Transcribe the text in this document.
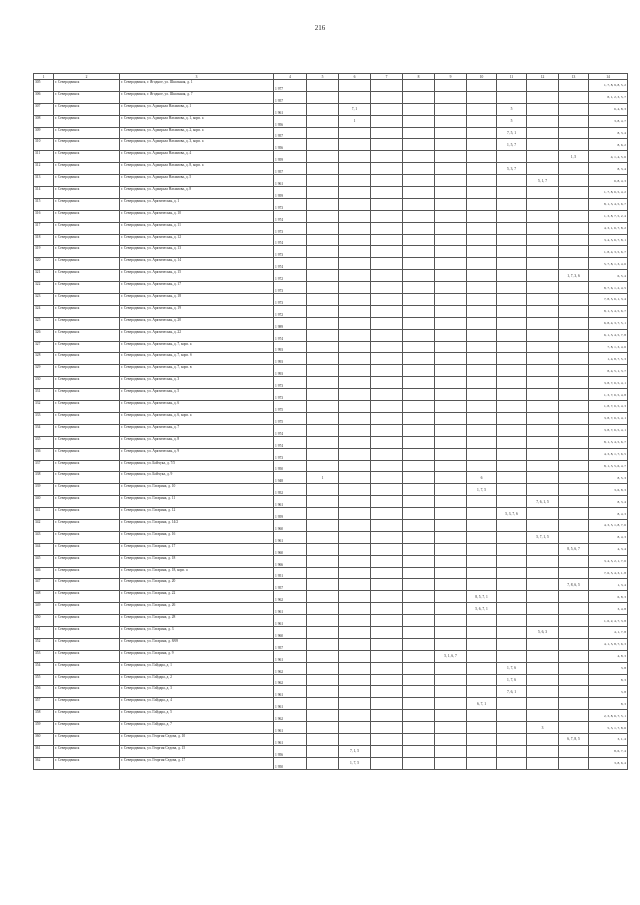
216
1	2	3	4	5	6	7	8	9	10	11	12	13	14
305	г. Северодвинск	г. Северодвинск, г. Ягодное, ул. Школьная, д. 1	1 977										1, 7, 8, 9, 8, 5, 2
306	г. Северодвинск	г. Северодвинск, г. Ягодное, ул. Школьная, д. 7	1 957										8, 1, 2, 3, 5, 7
307	г. Северодвинск	г. Северодвинск, ул. Адмирала Нахимова, д. 1	1 961		7, 1					5			6, 4, 8, 3
308	г. Северодвинск	г. Северодвинск, ул. Адмирала Нахимова, д. 1, корп. а	1 956		1					5			3, 8, 4, 7
309	г. Северодвинск	г. Северодвинск, ул. Адмирала Нахимова, д. 2, корп. а	1 957							7, 5, 1			8, 3, 4
310	г. Северодвинск	г. Северодвинск, ул. Адмирала Нахимова, д. 3, корп. а	1 956							1, 5, 7			8, 6, 2
311	г. Северодвинск	г. Северодвинск, ул. Адмирала Нахимова, д. 4	1 959									1, 5	4, 1, 4, 5, 6
312	г. Северодвинск	г. Северодвинск, ул. Адмирала Нахимова, д. 8, корп. а	1 957							5, 3, 7			8, 3, 4
313	г. Северодвинск	г. Северодвинск, ул. Адмирала Нахимова, д. 5	1 961								5, 1, 7		6, 8, 4, 3
314	г. Северодвинск	г. Северодвинск, ул. Адмирала Нахимова, д. 8	1 959										1, 7, 8, 6, 5, 4, 2
315	г. Северодвинск	г. Северодвинск, ул. Арктическая, д. 1	1 973										8, 1, 3, 4, 5, 6, 7
316	г. Северодвинск	г. Северодвинск, ул. Арктическая, д. 10	1 974										1, 3, 8, 7, 5, 2, 4
317	г. Северодвинск	г. Северодвинск, ул. Арктическая, д. 11	1 973										4, 3, 1, 6, 7, 8, 2
318	г. Северодвинск	г. Северодвинск, ул. Арктическая, д. 12	1 974										3, 4, 5, 6, 7, 8, 1
319	г. Северодвинск	г. Северодвинск, ул. Арктическая, д. 13	1 973										1, 8, 4, 3, 5, 6, 7
320	г. Северодвинск	г. Северодвинск, ул. Арктическая, д. 14	1 974										5, 7, 8, 1, 3, 4, 6
321	г. Северодвинск	г. Северодвинск, ул. Арктическая, д. 15	1 972									1, 7, 3, 6	6, 5, 4
322	г. Северодвинск	г. Северодвинск, ул. Арктическая, д. 17	1 973										8, 7, 6, 1, 2, 4, 5
323	г. Северодвинск	г. Северодвинск, ул. Арктическая, д. 18	1 973										7, 8, 5, 6, 1, 3, 4
324	г. Северодвинск	г. Северодвинск, ул. Арктическая, д. 19	1 972										8, 1, 3, 4, 5, 6, 7
325	г. Северодвинск	г. Северодвинск, ул. Арктическая, д. 20	1 989										6, 8, 4, 3, 7, 5, 1
326	г. Северодвинск	г. Северодвинск, ул. Арктическая, д. 22	1 974										6, 1, 3, 4, 5, 7, 8
327	г. Северодвинск	г. Северодвинск, ул. Арктическая, д. 7, корп. а	1 993										7, 8, 1, 3, 4, 6
328	г. Северодвинск	г. Северодвинск, ул. Арктическая, д. 7, корп. б	1 993										1, 4, 8, 7, 5, 3
329	г. Северодвинск	г. Северодвинск, ул. Арктическая, д. 7, корп. в	1 993										8, 4, 5, 1, 3, 7
330	г. Северодвинск	г. Северодвинск, ул. Арктическая, д. 3	1 973										3, 8, 7, 6, 5, 4, 1
331	г. Северодвинск	г. Северодвинск, ул. Арктическая, д. 5	1 973										1, 3, 7, 6, 5, 4, 8
332	г. Северодвинск	г. Северодвинск, ул. Арктическая, д. 6	1 975										1, 8, 7, 6, 5, 4, 3
333	г. Северодвинск	г. Северодвинск, ул. Арктическая, д. 6, корп. а	1 975										3, 8, 7, 6, 5, 4, 1
334	г. Северодвинск	г. Северодвинск, ул. Арктическая, д. 7	1 974										3, 8, 7, 6, 5, 4, 1
335	г. Северодвинск	г. Северодвинск, ул. Арктическая, д. 8	1 974										8, 1, 3, 4, 5, 6, 7
336	г. Северодвинск	г. Северодвинск, ул. Арктическая, д. 9	1 973										4, 3, 8, 1, 7, 6, 5
337	г. Северодвинск	г. Северодвинск, ул. Бойчука, д. 7/5	1 950										8, 1, 3, 5, 6, 4, 7
338	г. Северодвинск	г. Северодвинск, ул. Бойчука, д. 9	1 948	1					6				8, 5, 3
339	г. Северодвинск	г. Северодвинск, ул. Гагарина, д. 10	1 952						1, 7, 5				3, 6, 8, 3
340	г. Северодвинск	г. Северодвинск, ул. Гагарина, д. 11	1 961								7, 6, 1, 5		8, 3, 4
341	г. Северодвинск	г. Северодвинск, ул. Гагарина, д. 12	1 959							5, 3, 7, 6			8, 4, 3
342	г. Северодвинск	г. Северодвинск, ул. Гагарина, д. 14/2	1 960										4, 3, 5, 1, 8, 7, 6
343	г. Северодвинск	г. Северодвинск, ул. Гагарина, д. 16	1 961								5, 7, 1, 5		8, 4, 3
344	г. Северодвинск	г. Северодвинск, ул. Гагарина, д. 17	1 960									8, 5, 6, 7	4, 3, 4
345	г. Северодвинск	г. Северодвинск, ул. Гагарина, д. 18	1 966										3, 4, 5, 2, 1, 7, 6
346	г. Северодвинск	г. Северодвинск, ул. Гагарина, д. 18, корп. а	1 951										7, 6, 5, 4, 3, 1, 8
347	г. Северодвинск	г. Северодвинск, ул. Гагарина, д. 20	1 957									7, 8, 6, 5	1, 3, 4
348	г. Северодвинск	г. Северодвинск, ул. Гагарина, д. 22	1 962						8, 5, 7, 1				6, 8, 3
349	г. Северодвинск	г. Северодвинск, ул. Гагарина, д. 26	1 961						5, 6, 7, 1				3, 4, 8
350	г. Северодвинск	г. Северодвинск, ул. Гагарина, д. 28	1 961										1, 6, 2, 4, 7, 3, 8
351	г. Северодвинск	г. Северодвинск, ул. Гагарина, д. 3	1 960								5, 6, 3		4, 1, 7, 8
352	г. Северодвинск	г. Северодвинск, ул. Гагарина, д. 8/69	1 957										4, 1, 5, 8, 7, 6, 3
353	г. Северодвинск	г. Северодвинск, ул. Гагарина, д. 9	1 961					5, 1, 6, 7					4, 8, 3
354	г. Северодвинск	г. Северодвинск, ул. Гайдара, д. 1	1 962							1, 7, 6			3, 8
355	г. Северодвинск	г. Северодвинск, ул. Гайдара, д. 2	1 962							1, 7, 6			8, 3
356	г. Северодвинск	г. Северодвинск, ул. Гайдара, д. 3	1 961							7, 6, 1			3, 8
357	г. Северодвинск	г. Северодвинск, ул. Гайдара, д. 4	1 961						6, 7, 1				8, 3
358	г. Северодвинск	г. Северодвинск, ул. Гайдара, д. 5	1 962										2, 3, 8, 6, 7, 5, 1
359	г. Северодвинск	г. Северодвинск, ул. Гайдара, д. 7	1 961								3		5, 3, 1, 7, 8, 6
360	г. Северодвинск	г. Северодвинск, ул. Георгия Седова, д. 10	1 961									6, 7, 8, 5	3, 1, 4
361	г. Северодвинск	г. Северодвинск, ул. Георгия Седова, д. 15	1 956		7, 1, 5								8, 6, 7, 4
362	г. Северодвинск	г. Северодвинск, ул. Георгия Седова, д. 17	1 950		1, 7, 5								3, 8, 6, 4
